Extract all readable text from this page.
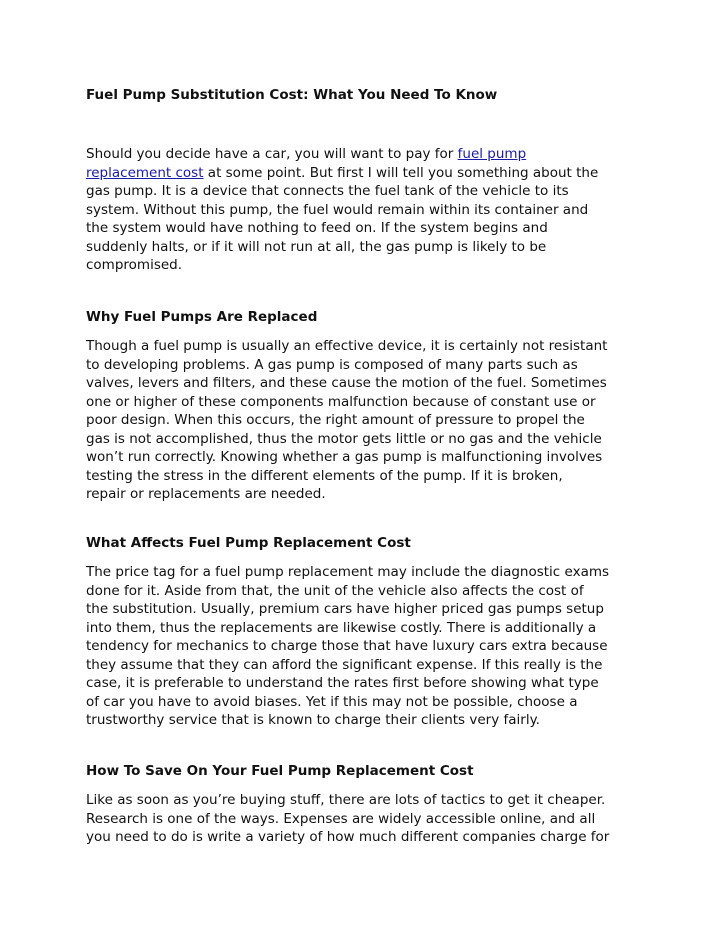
Fuel Pump Substitution Cost: What You Need To Know
Should you decide have a car, you will want to pay for fuel pump
replacement cost at some point. But first I will tell you something about the
gas pump. It is a device that connects the fuel tank of the vehicle to its
system. Without this pump, the fuel would remain within its container and
the system would have nothing to feed on. If the system begins and
suddenly halts, or if it will not run at all, the gas pump is likely to be
compromised.
Why Fuel Pumps Are Replaced
Though a fuel pump is usually an effective device, it is certainly not resistant
to developing problems. A gas pump is composed of many parts such as
valves, levers and filters, and these cause the motion of the fuel. Sometimes
one or higher of these components malfunction because of constant use or
poor design. When this occurs, the right amount of pressure to propel the
gas is not accomplished, thus the motor gets little or no gas and the vehicle
won’t run correctly. Knowing whether a gas pump is malfunctioning involves
testing the stress in the different elements of the pump. If it is broken,
repair or replacements are needed.
What Affects Fuel Pump Replacement Cost
The price tag for a fuel pump replacement may include the diagnostic exams
done for it. Aside from that, the unit of the vehicle also affects the cost of
the substitution. Usually, premium cars have higher priced gas pumps setup
into them, thus the replacements are likewise costly. There is additionally a
tendency for mechanics to charge those that have luxury cars extra because
they assume that they can afford the significant expense. If this really is the
case, it is preferable to understand the rates first before showing what type
of car you have to avoid biases. Yet if this may not be possible, choose a
trustworthy service that is known to charge their clients very fairly.
How To Save On Your Fuel Pump Replacement Cost
Like as soon as you’re buying stuff, there are lots of tactics to get it cheaper.
Research is one of the ways. Expenses are widely accessible online, and all
you need to do is write a variety of how much different companies charge for
